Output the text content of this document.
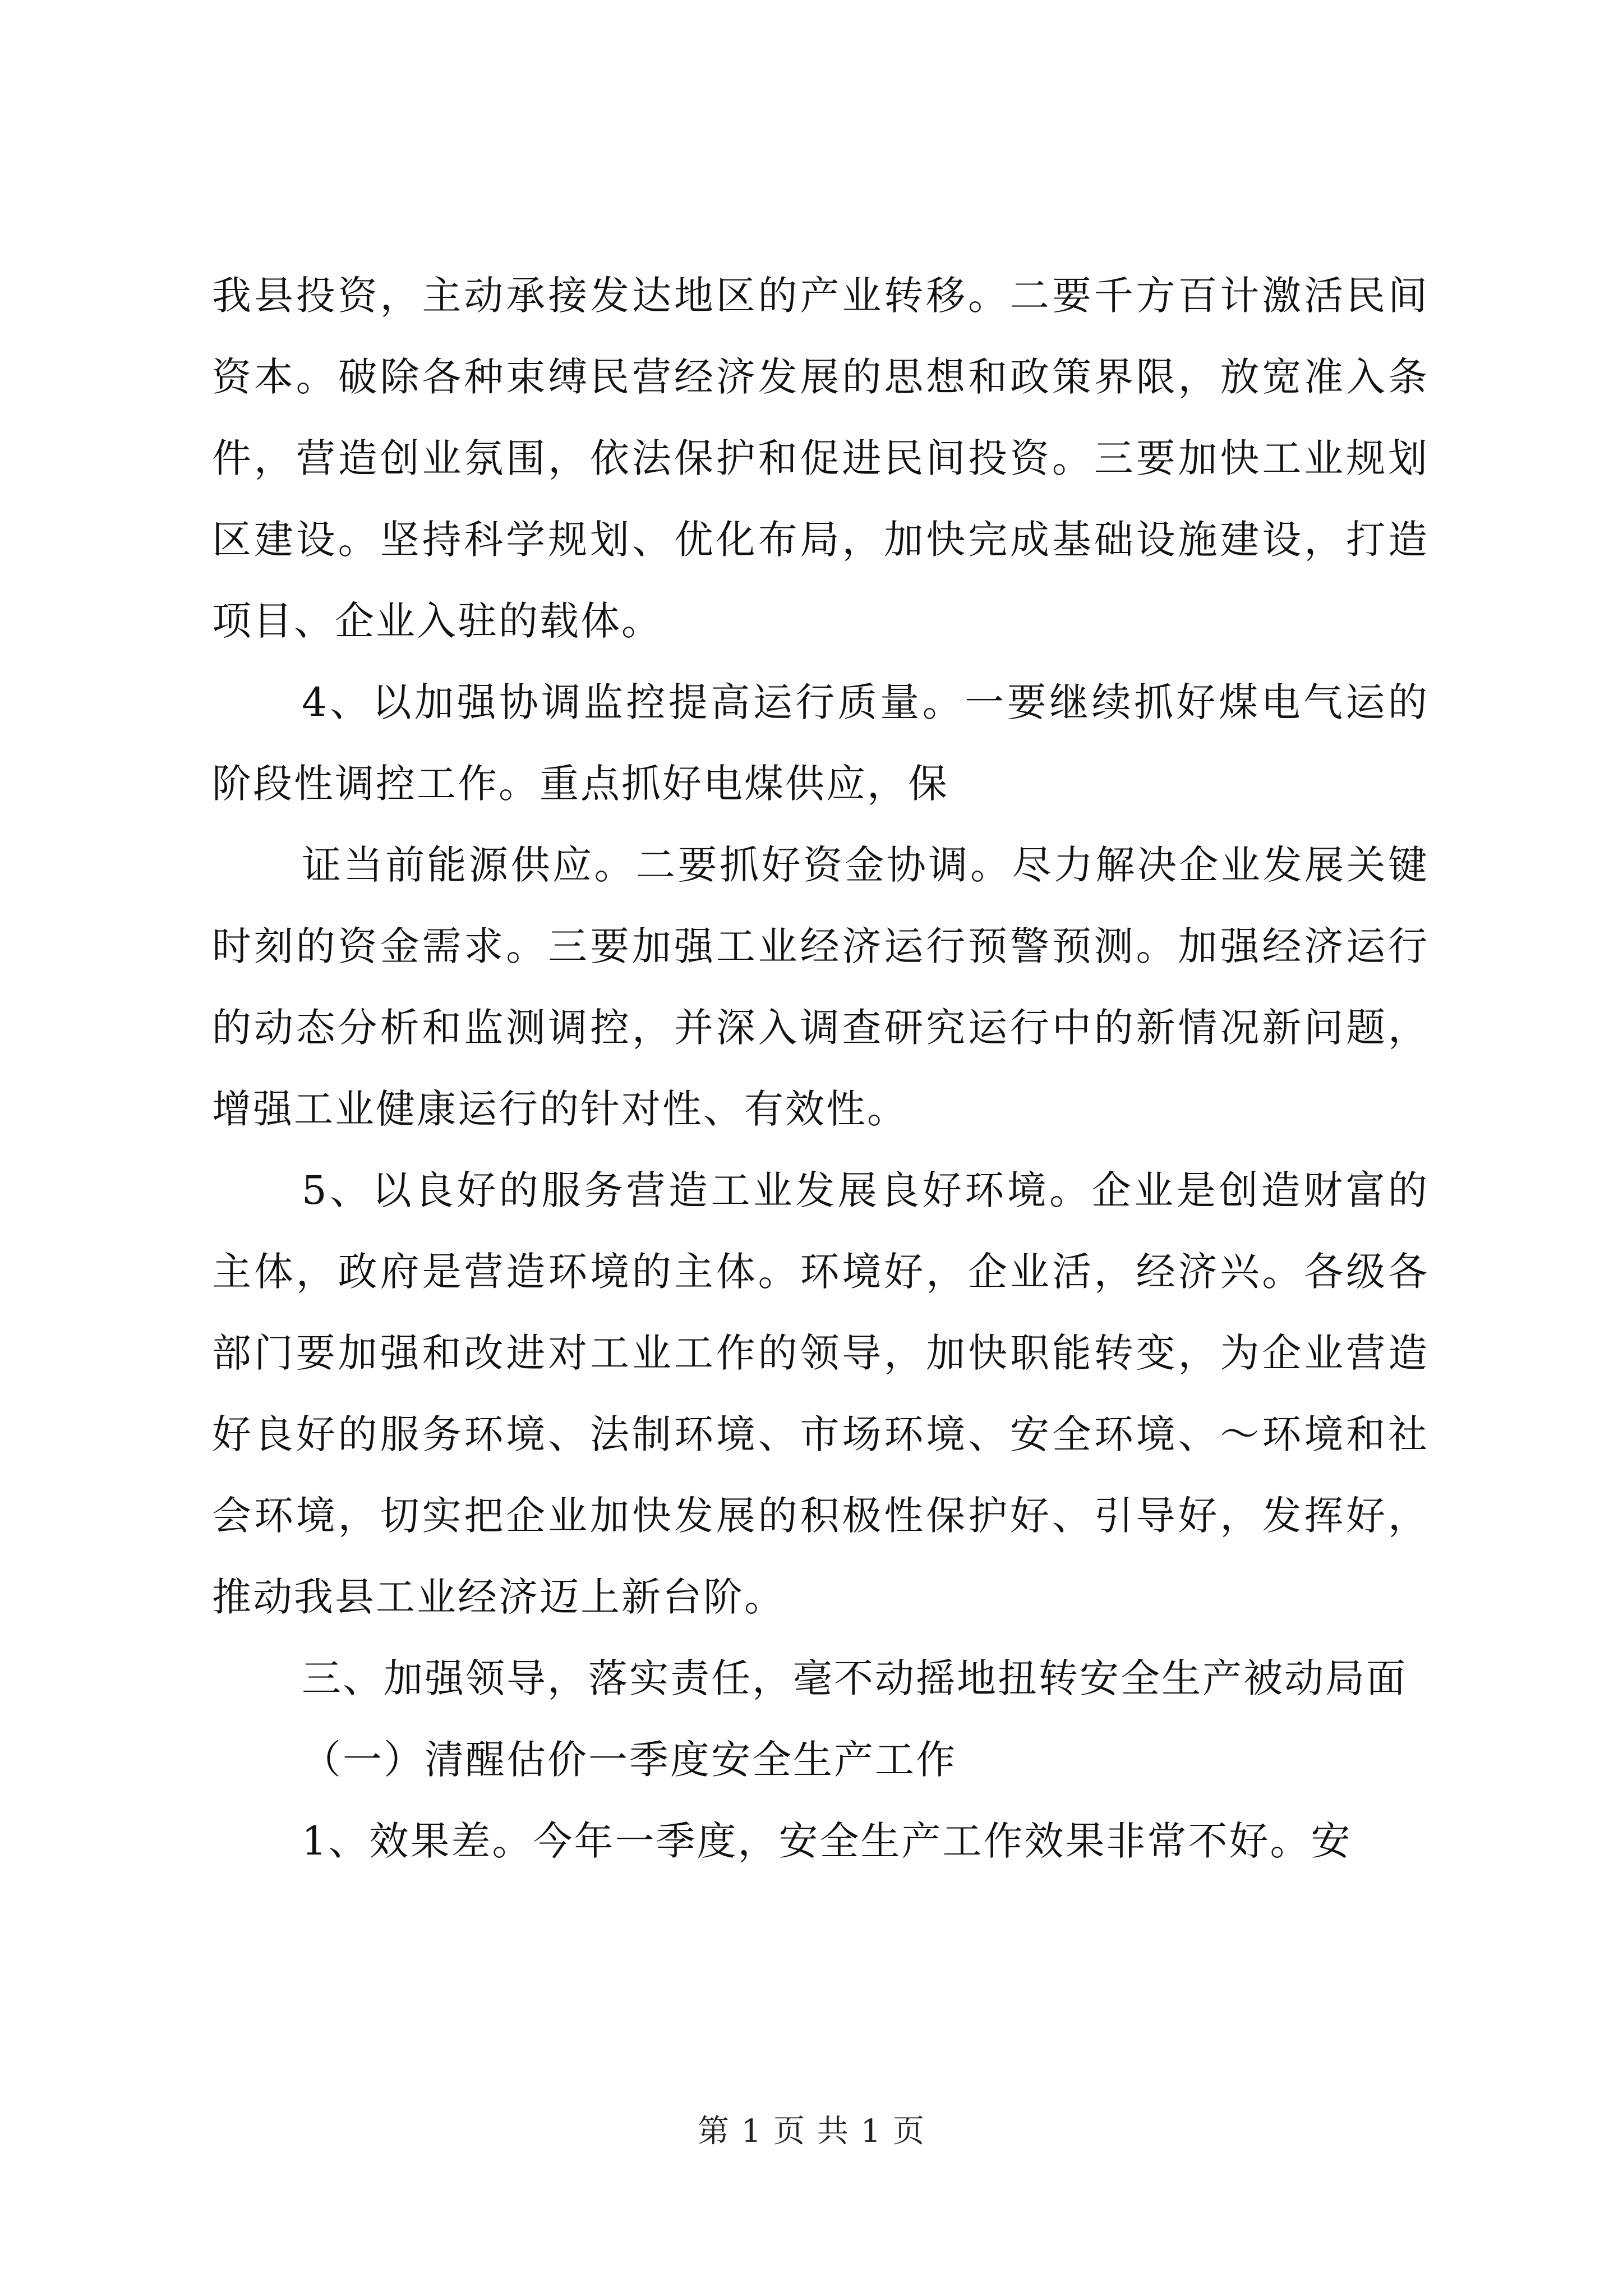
我县投资，主动承接发达地区的产业转移。二要千方百计激活民间资本。破除各种束缚民营经济发展的思想和政策界限，放宽准入条件，营造创业氛围，依法保护和促进民间投资。三要加快工业规划区建设。坚持科学规划、优化布局，加快完成基础设施建设，打造项目、企业入驻的载体。

4、以加强协调监控提高运行质量。一要继续抓好煤电气运的阶段性调控工作。重点抓好电煤供应，保

证当前能源供应。二要抓好资金协调。尽力解决企业发展关键时刻的资金需求。三要加强工业经济运行预警预测。加强经济运行的动态分析和监测调控，并深入调查研究运行中的新情况新问题，增强工业健康运行的针对性、有效性。

5、以良好的服务营造工业发展良好环境。企业是创造财富的主体，政府是营造环境的主体。环境好，企业活，经济兴。各级各部门要加强和改进对工业工作的领导，加快职能转变，为企业营造好良好的服务环境、法制环境、市场环境、安全环境、～环境和社会环境，切实把企业加快发展的积极性保护好、引导好，发挥好，推动我县工业经济迈上新台阶。

三、加强领导，落实责任，毫不动摇地扭转安全生产被动局面

（一）清醒估价一季度安全生产工作

1、效果差。今年一季度，安全生产工作效果非常不好。安

第 1 页 共 1 页
